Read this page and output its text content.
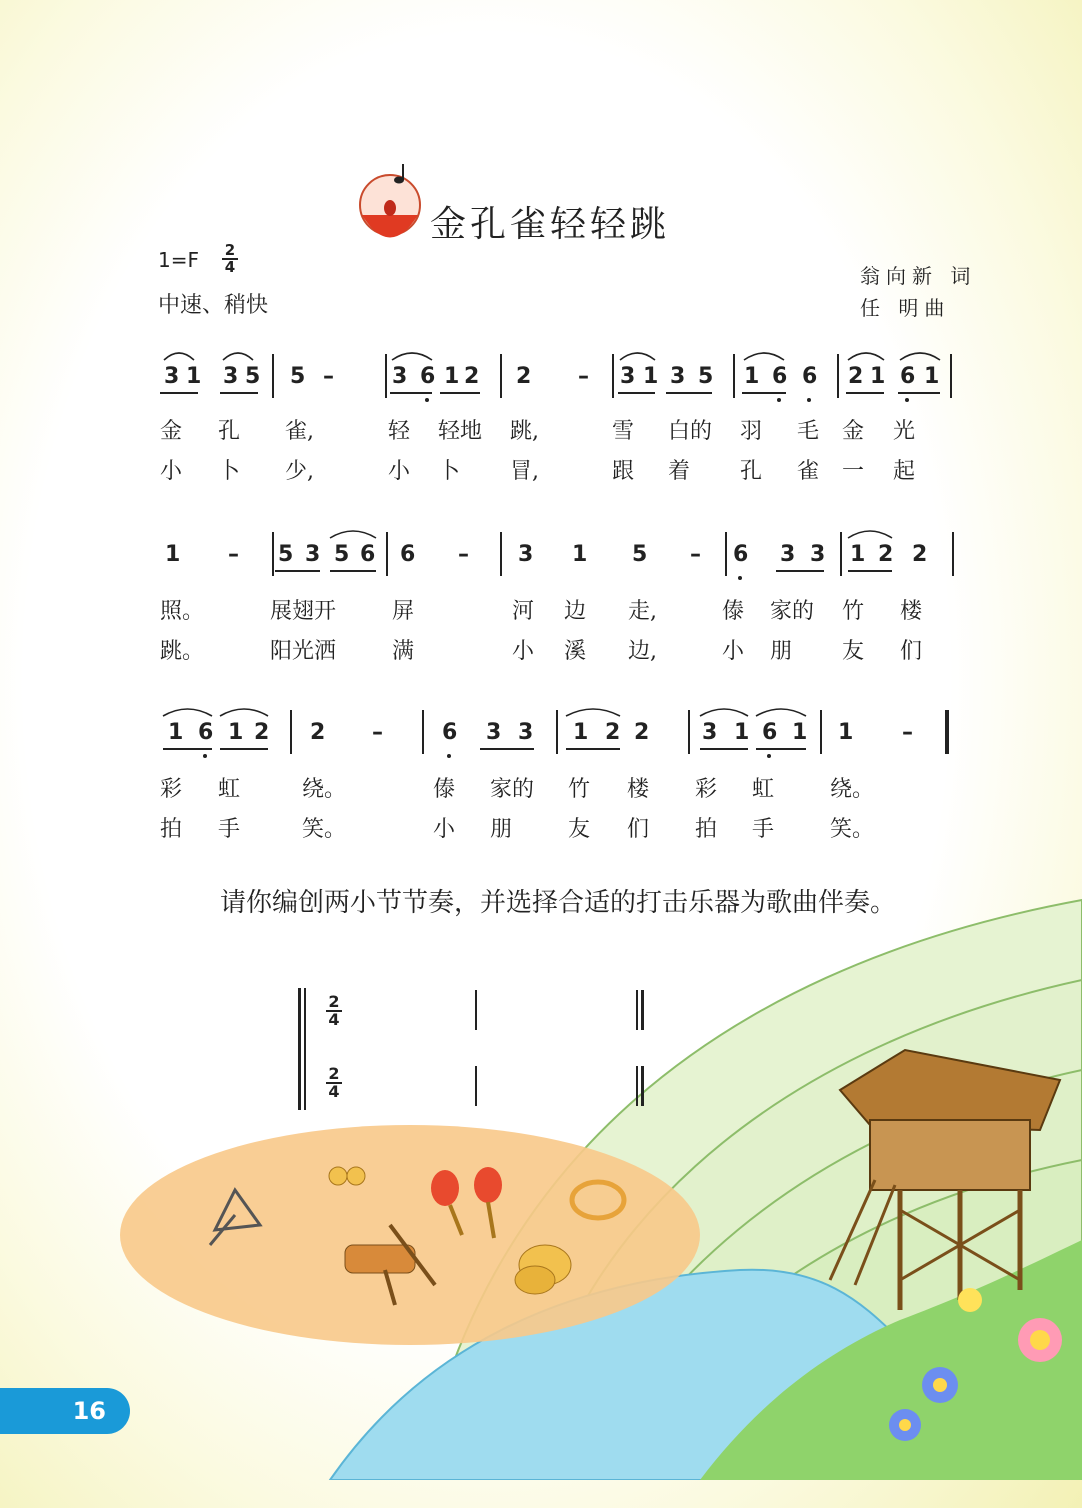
金孔雀轻轻跳
$1=F \frac{2}{4}$
中速、稍快
翁向新 词
任 明曲
3 1 3 5 5 –	3 6 1 2 2 – 3 1 3 5 1 6 6 2 1 6 1
金 孔 雀,	轻 轻地 跳,	雪 白的 羽 毛 金 光
小 卜 少,	小 卜 冒,	跟 着 孔 雀 一 起
1 – 5 3 5 6 6 – 3 1 5 – 6 3 3 1 2 2
照。	展翅开	屏	河 边 走,	傣 家的 竹 楼
跳。	阳光洒	满	小 溪 边,	小 朋 友 们
1 6 1 2 2 –	6 3 3 1 2 2 3 1 6 1 1 –
彩 虹	绕。	傣 家的 竹 楼 彩 虹	绕。
拍 手	笑。	小 朋	友 们 拍 手	笑。
请你编创两小节节奏，并选择合适的打击乐器为歌曲伴奏。
$\frac{2}{4}$
$\frac{2}{4}$
16
